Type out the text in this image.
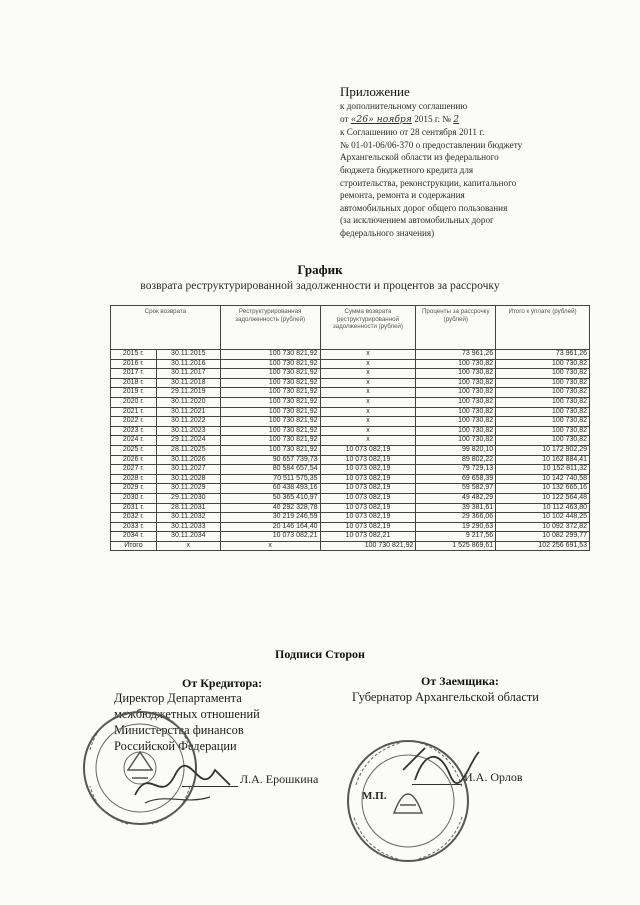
Приложение
к дополнительному соглашению
от «26» ноября 2015 г. № 2
к Соглашению от 28 сентября 2011 г.
№ 01-01-06/06-370 о предоставлении бюджету
Архангельской области из федерального
бюджета бюджетного кредита для
строительства, реконструкции, капитального
ремонта, ремонта и содержания
автомобильных дорог общего пользования
(за исключением автомобильных дорог
федерального значения)
График
возврата реструктурированной задолженности и процентов за рассрочку
Срок возврата		Реструктурированная задолженность (рублей)	Сумма возврата реструктурированной задолженности (рублей)	Проценты за рассрочку (рублей)	Итого к уплате (рублей)
2015 г.	30.11.2015	100 730 821,92	х	73 961,26	73 961,26
2016 г.	30.11.2016	100 730 821,92	х	100 730,82	100 730,82
2017 г.	30.11.2017	100 730 821,92	х	100 730,82	100 730,82
2018 г.	30.11.2018	100 730 821,92	х	100 730,82	100 730,82
2019 г.	29.11.2019	100 730 821,92	х	100 730,82	100 730,82
2020 г.	30.11.2020	100 730 821,92	х	100 730,82	100 730,82
2021 г.	30.11.2021	100 730 821,92	х	100 730,82	100 730,82
2022 г.	30.11.2022	100 730 821,92	х	100 730,82	100 730,82
2023 г.	30.11.2023	100 730 821,92	х	100 730,82	100 730,82
2024 г.	29.11.2024	100 730 821,92	х	100 730,82	100 730,82
2025 г.	28.11.2025	100 730 821,92	10 073 082,19	99 820,10	10 172 902,29
2026 г.	30.11.2026	90 657 739,73	10 073 082,19	89 802,22	10 162 884,41
2027 г.	30.11.2027	80 584 657,54	10 073 082,19	79 729,13	10 152 811,32
2028 г.	30.11.2028	70 511 575,35	10 073 082,19	69 658,39	10 142 740,58
2029 г.	30.11.2029	60 438 493,16	10 073 082,19	59 582,97	10 132 665,16
2030 г.	29.11.2030	50 365 410,97	10 073 082,19	49 482,29	10 122 564,48
2031 г.	28.11.2031	40 292 328,78	10 073 082,19	39 381,61	10 112 463,80
2032 г.	30.11.2032	30 219 246,59	10 073 082,19	29 366,06	10 102 448,25
2033 г.	30.11.2033	20 146 164,40	10 073 082,19	19 290,63	10 092 372,82
2034 г.	30.11.2034	10 073 082,21	10 073 082,21	9 217,56	10 082 299,77
Итого	х	х	100 730 821,92	1 525 869,61	102 256 691,53
Подписи Сторон
От Кредитора:
Директор Департамента
межбюджетных отношений
Министерства финансов
Российской Федерации
Л.А. Ерошкина
От Заемщика:
Губернатор Архангельской области
И.А. Орлов
М.П.
